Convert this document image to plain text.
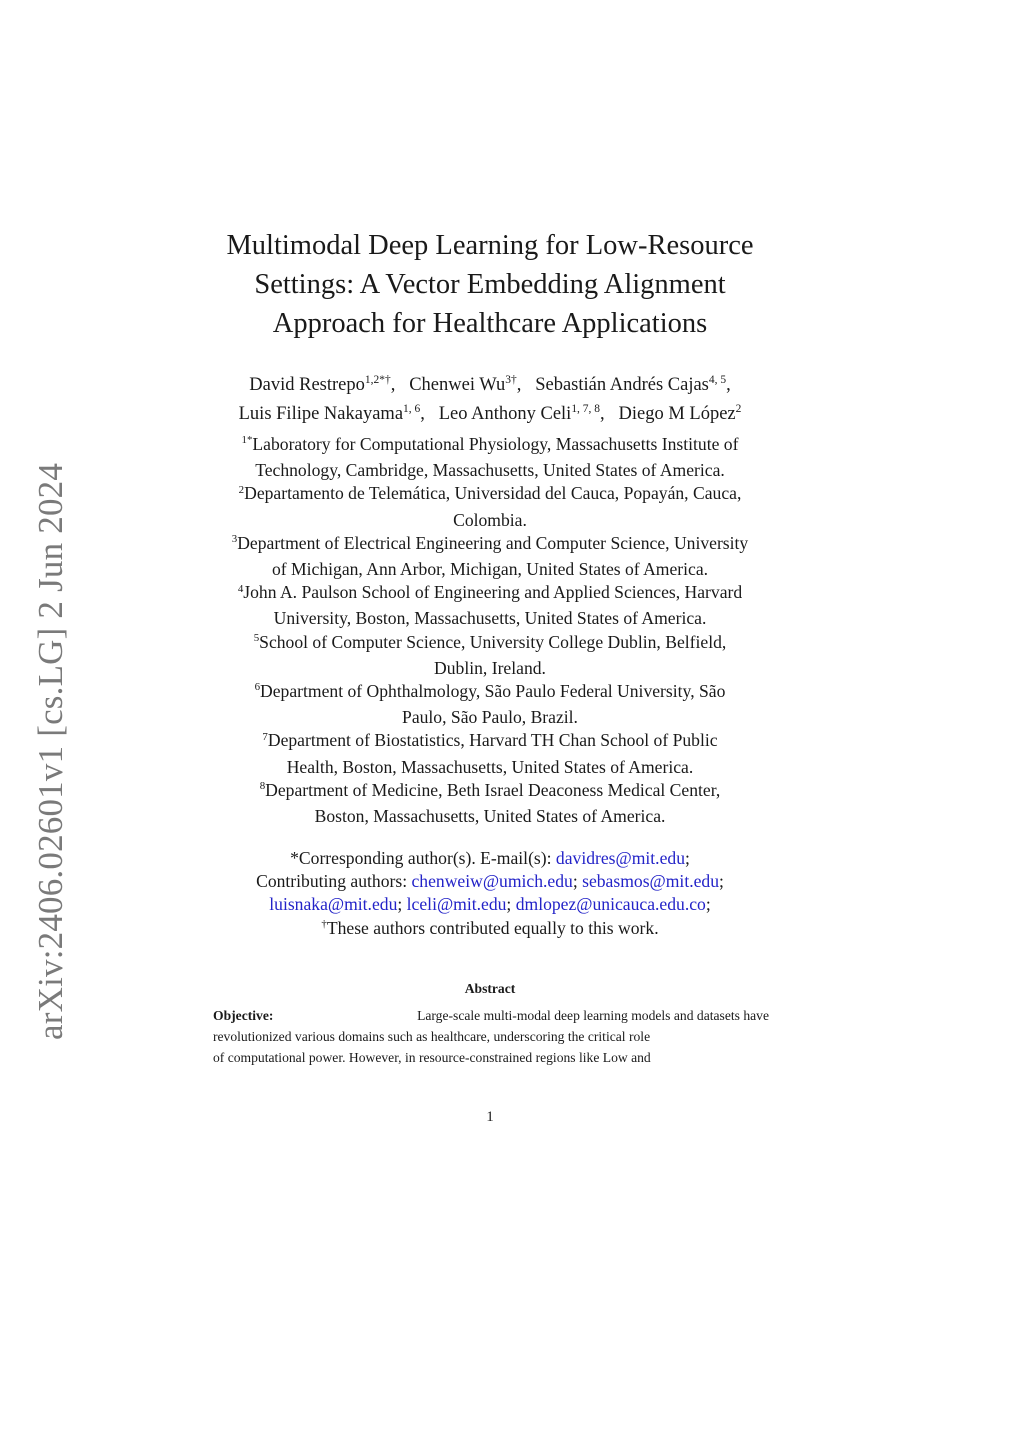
arXiv:2406.02601v1 [cs.LG] 2 Jun 2024
Multimodal Deep Learning for Low-Resource
Settings: A Vector Embedding Alignment
Approach for Healthcare Applications
David Restrepo$^{1,2*\dagger}$,   Chenwei $Wu^{3\dagger}$,   Sebastián Andrés Cajas$^{4, 5}$,
Luis Filipe Nakayama$^{1, 6}$,   Leo Anthony Celi$^{1, 7, 8}$,   Diego M López$^2$
$^{1*}$Laboratory for Computational Physiology, Massachusetts Institute of
Technology, Cambridge, Massachusetts, United States of America.
$^2$Departamento de Telemática, Universidad del Cauca, Popayán, Cauca,
Colombia.
$^3$Department of Electrical Engineering and Computer Science, University
of Michigan, Ann Arbor, Michigan, United States of America.
$^4$John A. Paulson School of Engineering and Applied Sciences, Harvard
University, Boston, Massachusetts, United States of America.
$^5$School of Computer Science, University College Dublin, Belfield,
Dublin, Ireland.
$^6$Department of Ophthalmology, São Paulo Federal University, São
Paulo, São Paulo, Brazil.
$^7$Department of Biostatistics, Harvard TH Chan School of Public
Health, Boston, Massachusetts, United States of America.
$^8$Department of Medicine, Beth Israel Deaconess Medical Center,
Boston, Massachusetts, United States of America.
*Corresponding author(s). E-mail(s): davidres@mit.edu;
Contributing authors: chenweiw@umich.edu; sebasmos@mit.edu;
luisnaka@mit.edu; lceli@mit.edu; dmlopez@unicauca.edu.co;
†These authors contributed equally to this work.
Abstract
Objective:	Large-scale multi-modal deep learning models and datasets have
revolutionized various domains such as healthcare, underscoring the critical role
of computational power. However, in resource-constrained regions like Low and
1
